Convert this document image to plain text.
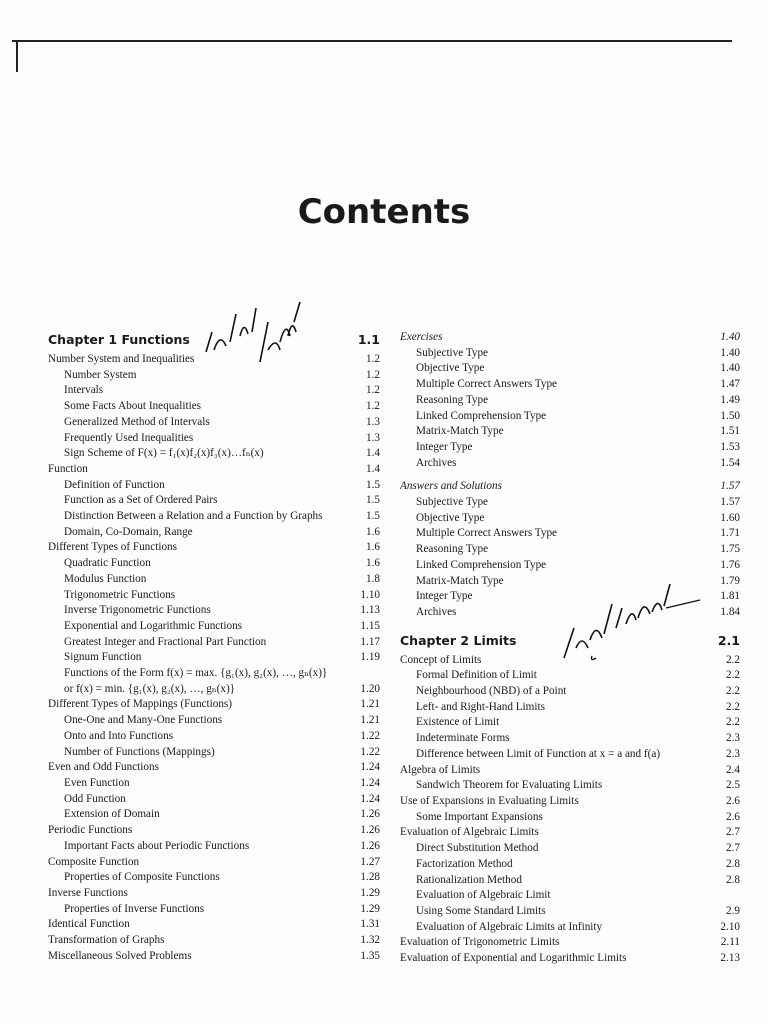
Contents
Chapter 1 Functions	1.1
Number System and Inequalities	1.2
Number System	1.2
Intervals	1.2
Some Facts About Inequalities	1.2
Generalized Method of Intervals	1.3
Frequently Used Inequalities	1.3
Sign Scheme of F(x) = f₁(x)f₂(x)f₃(x)…fₙ(x)	1.4
Function	1.4
Definition of Function	1.5
Function as a Set of Ordered Pairs	1.5
Distinction Between a Relation and a Function by Graphs	1.5
Domain, Co-Domain, Range	1.6
Different Types of Functions	1.6
Quadratic Function	1.6
Modulus Function	1.8
Trigonometric Functions	1.10
Inverse Trigonometric Functions	1.13
Exponential and Logarithmic Functions	1.15
Greatest Integer and Fractional Part Function	1.17
Signum Function	1.19
Functions of the Form f(x) = max. {g₁(x), g₂(x), …, gₙ(x)}
or f(x) = min. {g₁(x), g₂(x), …, gₙ(x)}	1.20
Different Types of Mappings (Functions)	1.21
One-One and Many-One Functions	1.21
Onto and Into Functions	1.22
Number of Functions (Mappings)	1.22
Even and Odd Functions	1.24
Even Function	1.24
Odd Function	1.24
Extension of Domain	1.26
Periodic Functions	1.26
Important Facts about Periodic Functions	1.26
Composite Function	1.27
Properties of Composite Functions	1.28
Inverse Functions	1.29
Properties of Inverse Functions	1.29
Identical Function	1.31
Transformation of Graphs	1.32
Miscellaneous Solved Problems	1.35
Exercises	1.40
Subjective Type	1.40
Objective Type	1.40
Multiple Correct Answers Type	1.47
Reasoning Type	1.49
Linked Comprehension Type	1.50
Matrix-Match Type	1.51
Integer Type	1.53
Archives	1.54
Answers and Solutions	1.57
Subjective Type	1.57
Objective Type	1.60
Multiple Correct Answers Type	1.71
Reasoning Type	1.75
Linked Comprehension Type	1.76
Matrix-Match Type	1.79
Integer Type	1.81
Archives	1.84
Chapter 2 Limits	2.1
Concept of Limits	2.2
Formal Definition of Limit	2.2
Neighbourhood (NBD) of a Point	2.2
Left- and Right-Hand Limits	2.2
Existence of Limit	2.2
Indeterminate Forms	2.3
Difference between Limit of Function at x = a and f(a)	2.3
Algebra of Limits	2.4
Sandwich Theorem for Evaluating Limits	2.5
Use of Expansions in Evaluating Limits	2.6
Some Important Expansions	2.6
Evaluation of Algebraic Limits	2.7
Direct Substitution Method	2.7
Factorization Method	2.8
Rationalization Method	2.8
Evaluation of Algebraic Limit
Using Some Standard Limits	2.9
Evaluation of Algebraic Limits at Infinity	2.10
Evaluation of Trigonometric Limits	2.11
Evaluation of Exponential and Logarithmic Limits	2.13
